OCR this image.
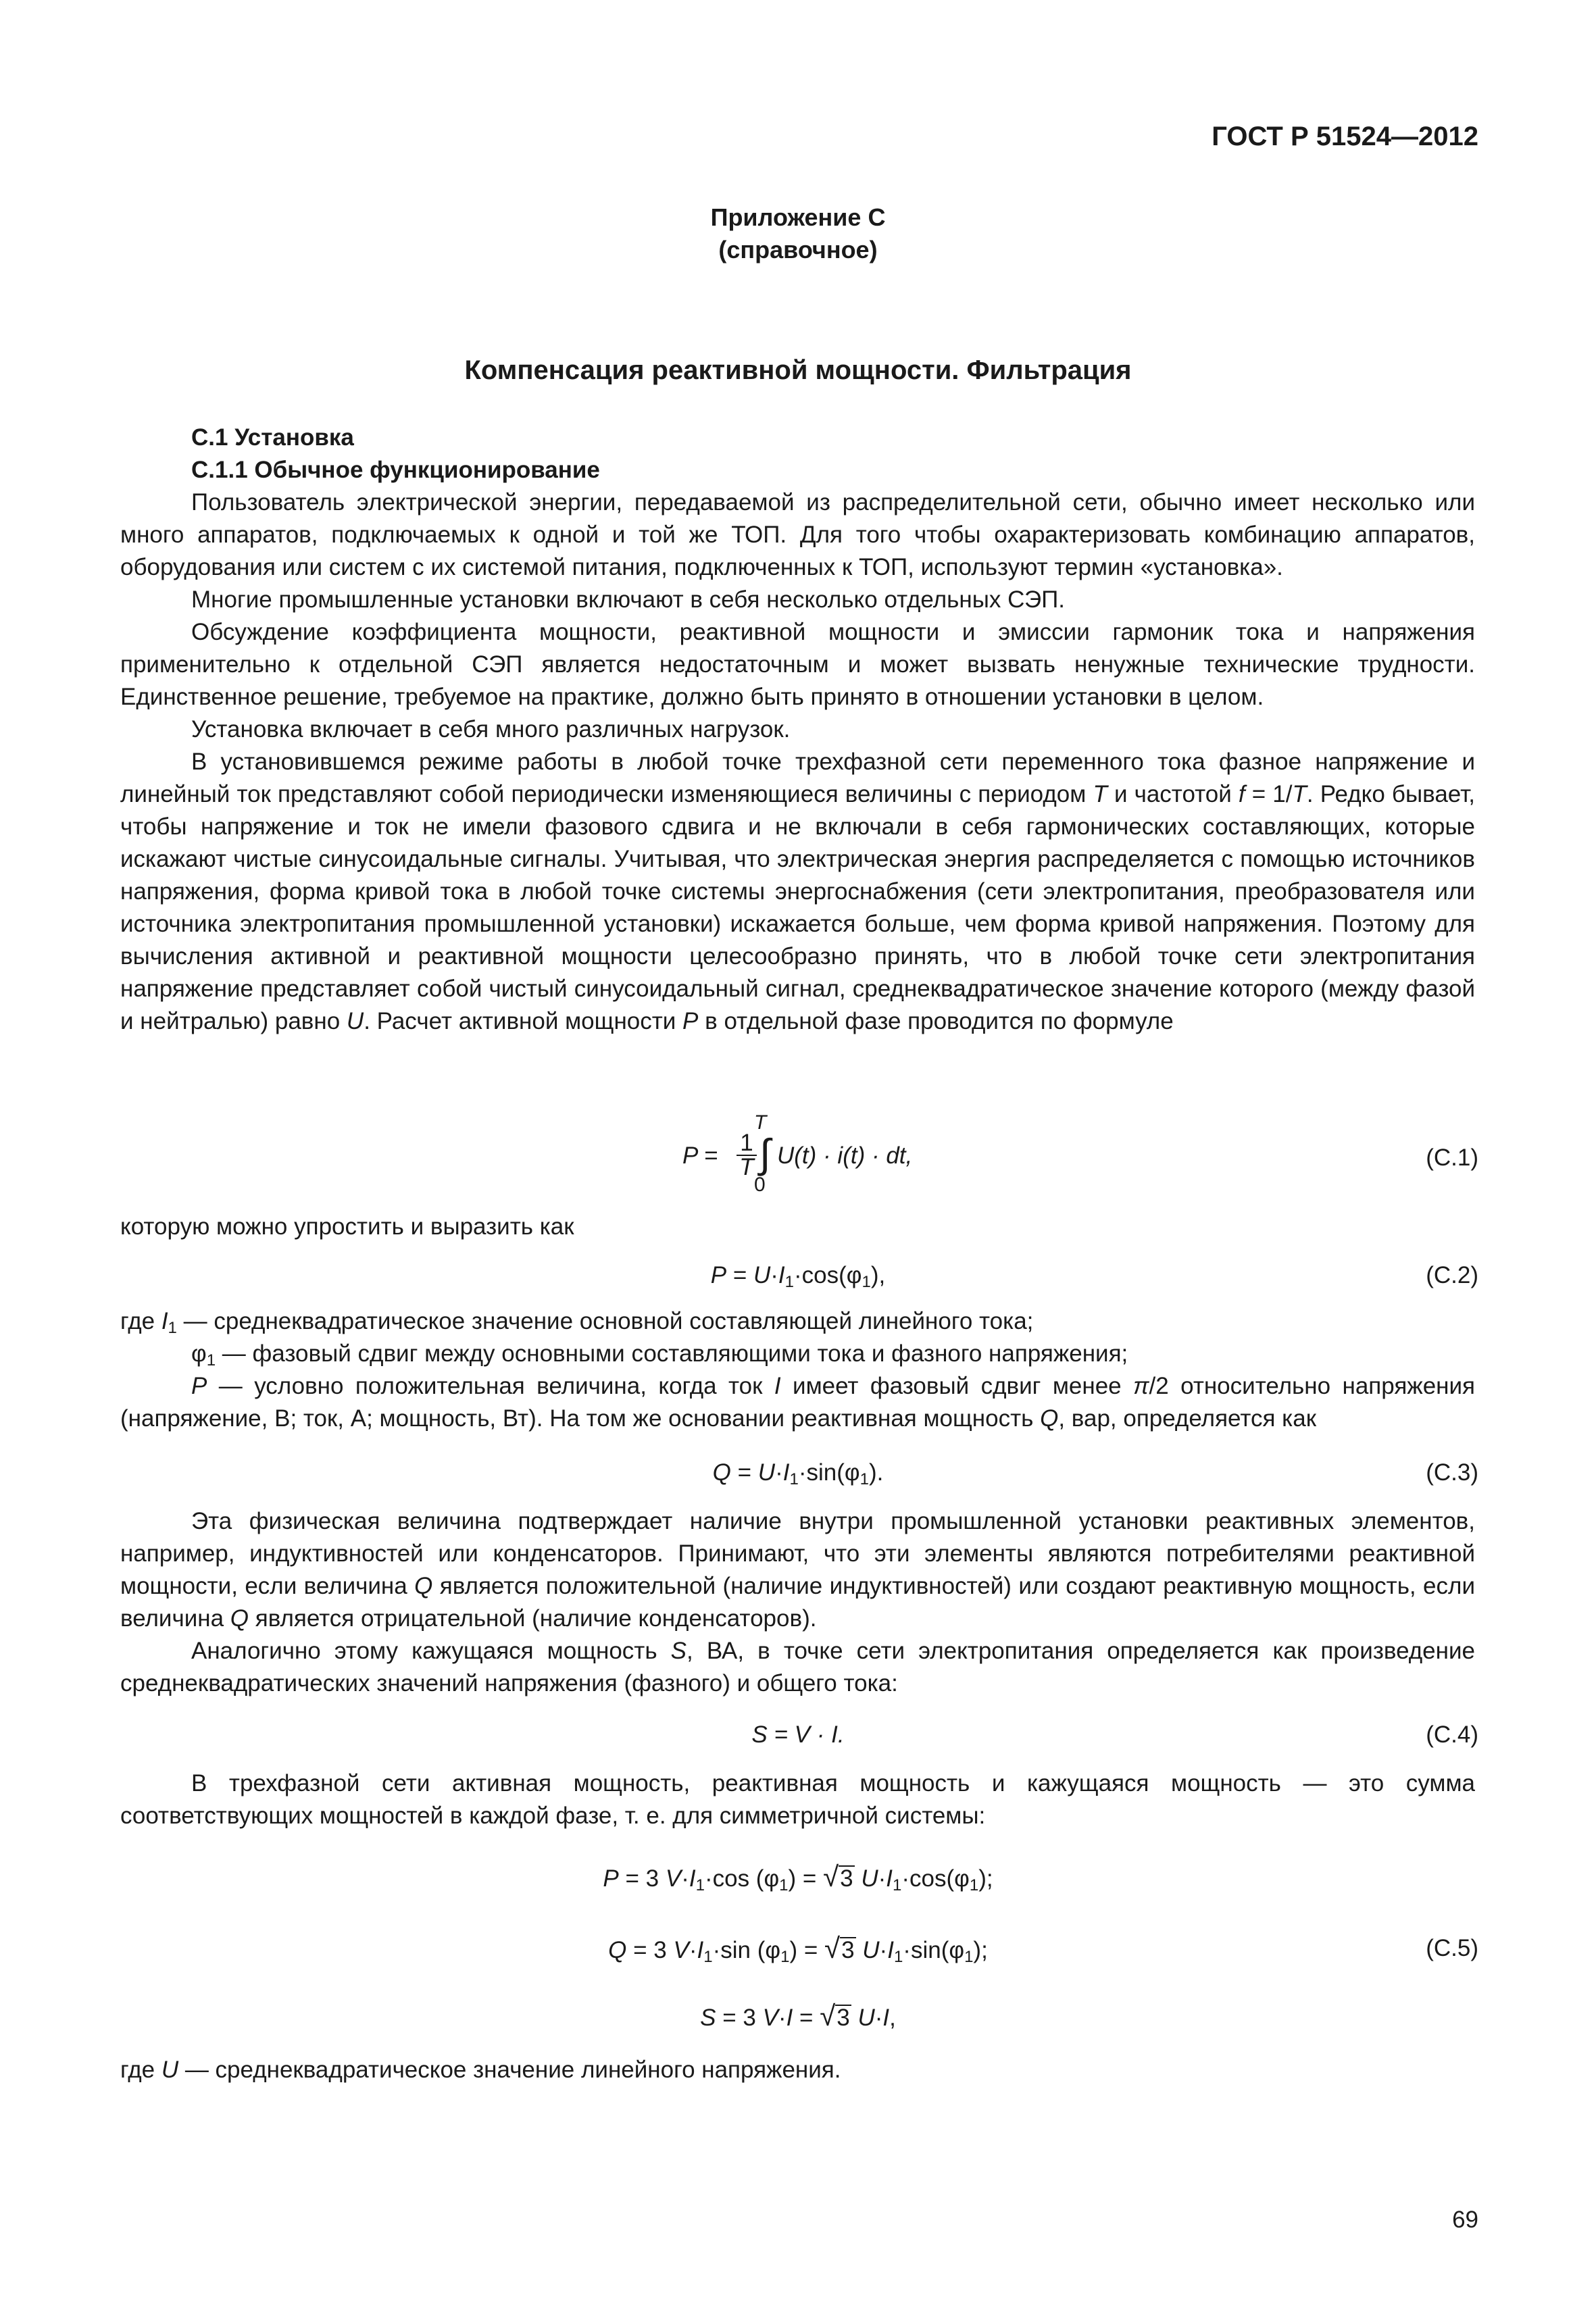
ГОСТ Р 51524—2012
Приложение С
(справочное)
Компенсация реактивной мощности. Фильтрация
С.1 Установка
С.1.1 Обычное функционирование

Пользователь электрической энергии, передаваемой из распределительной сети, обычно имеет несколько или много аппаратов, подключаемых к одной и той же ТОП. Для того чтобы охарактеризовать комбинацию аппаратов, оборудования или систем с их системой питания, подключенных к ТОП, используют термин «установка».

Многие промышленные установки включают в себя несколько отдельных СЭП.

Обсуждение коэффициента мощности, реактивной мощности и эмиссии гармоник тока и напряжения применительно к отдельной СЭП является недостаточным и может вызвать ненужные технические трудности. Единственное решение, требуемое на практике, должно быть принято в отношении установки в целом.

Установка включает в себя много различных нагрузок.

В установившемся режиме работы в любой точке трехфазной сети переменного тока фазное напряжение и линейный ток представляют собой периодически изменяющиеся величины с периодом T и частотой f = 1/T. Редко бывает, чтобы напряжение и ток не имели фазового сдвига и не включали в себя гармонических составляющих, которые искажают чистые синусоидальные сигналы. Учитывая, что электрическая энергия распределяется с помощью источников напряжения, форма кривой тока в любой точке системы энергоснабжения (сети электропитания, преобразователя или источника электропитания промышленной установки) искажается больше, чем форма кривой напряжения. Поэтому для вычисления активной и реактивной мощности целесообразно принять, что в любой точке сети электропитания напряжение представляет собой чистый синусоидальный сигнал, среднеквадратическое значение которого (между фазой и нейтралью) равно U. Расчет активной мощности P в отдельной фазе проводится по формуле

P = 1
T
T
∫
0
U(t) · i(t) · dt,	(С.1)
которую можно упростить и выразить как
$P = U\cdot I_1\cdot\cos(\varphi_1)$,	(С.2)

где $I_1$ — среднеквадратическое значение основной составляющей линейного тока;

$\varphi_1$ — фазовый сдвиг между основными составляющими тока и фазного напряжения;

P — условно положительная величина, когда ток I имеет фазовый сдвиг менее π/2 относительно напряжения (напряжение, В; ток, А; мощность, Вт). На том же основании реактивная мощность Q, вар, определяется как

$Q = U\cdot I_1\cdot\sin(\varphi_1)$.	(С.3)

Эта физическая величина подтверждает наличие внутри промышленной установки реактивных элементов, например, индуктивностей или конденсаторов. Принимают, что эти элементы являются потребителями реактивной мощности, если величина Q является положительной (наличие индуктивностей) или создают реактивную мощность, если величина Q является отрицательной (наличие конденсаторов).

Аналогично этому кажущаяся мощность S, ВА, в точке сети электропитания определяется как произведение среднеквадратических значений напряжения (фазного) и общего тока:

S = V · I.	(С.4)

В трехфазной сети активная мощность, реактивная мощность и кажущаяся мощность — это сумма соответствующих мощностей в каждой фазе, т. е. для симметричной системы:

P = 3 $V\cdot I_1\cdot\cos$ $(\varphi_1) = √3$ $U\cdot I_1\cdot\cos(\varphi_1)$;
Q = 3 $V\cdot I_1\cdot\sin$ $(\varphi_1) = √3$ $U\cdot I_1\cdot\sin(\varphi_1)$;	(С.5)
S = 3 V·I = √3 U·I,
где U — среднеквадратическое значение линейного напряжения.
69
